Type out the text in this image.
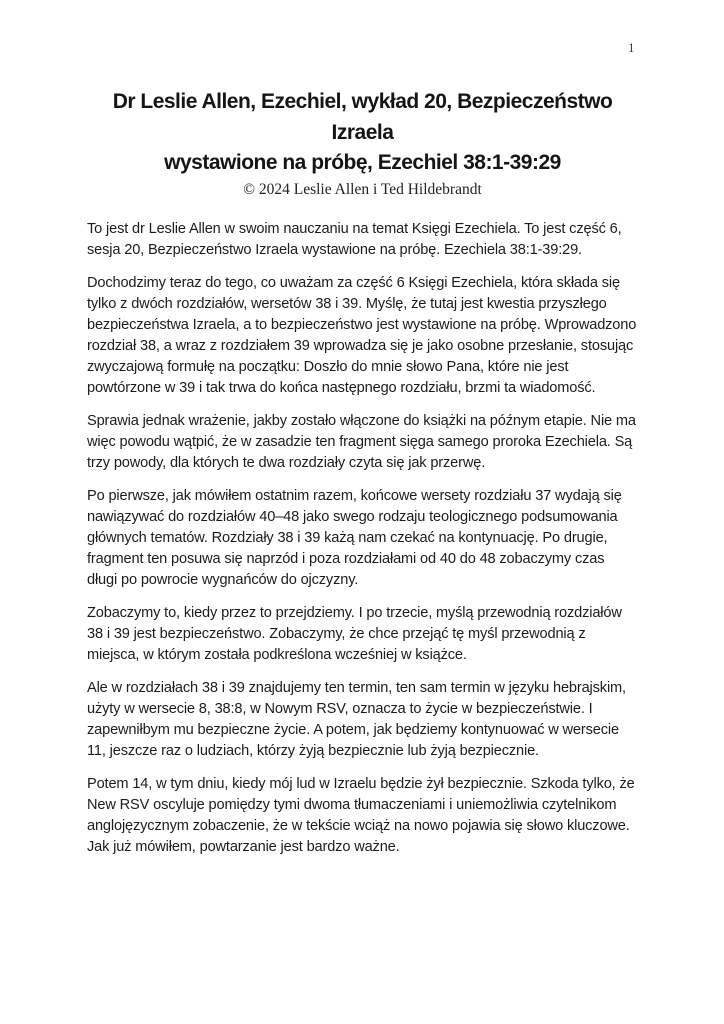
1
Dr Leslie Allen, Ezechiel, wykład 20, Bezpieczeństwo
Izraela
wystawione na próbę, Ezechiel 38:1-39:29
© 2024 Leslie Allen i Ted Hildebrandt

To jest dr Leslie Allen w swoim nauczaniu na temat Księgi Ezechiela. To jest część 6, sesja 20, Bezpieczeństwo Izraela wystawione na próbę. Ezechiela 38:1-39:29.

Dochodzimy teraz do tego, co uważam za część 6 Księgi Ezechiela, która składa się tylko z dwóch rozdziałów, wersetów 38 i 39. Myślę, że tutaj jest kwestia przyszłego bezpieczeństwa Izraela, a to bezpieczeństwo jest wystawione na próbę. Wprowadzono rozdział 38, a wraz z rozdziałem 39 wprowadza się je jako osobne przesłanie, stosując zwyczajową formułę na początku: Doszło do mnie słowo Pana, które nie jest powtórzone w 39 i tak trwa do końca następnego rozdziału, brzmi ta wiadomość.

Sprawia jednak wrażenie, jakby zostało włączone do książki na późnym etapie. Nie ma więc powodu wątpić, że w zasadzie ten fragment sięga samego proroka Ezechiela. Są trzy powody, dla których te dwa rozdziały czyta się jak przerwę.

Po pierwsze, jak mówiłem ostatnim razem, końcowe wersety rozdziału 37 wydają się nawiązywać do rozdziałów 40–48 jako swego rodzaju teologicznego podsumowania głównych tematów. Rozdziały 38 i 39 każą nam czekać na kontynuację. Po drugie, fragment ten posuwa się naprzód i poza rozdziałami od 40 do 48 zobaczymy czas długi po powrocie wygnańców do ojczyzny.

Zobaczymy to, kiedy przez to przejdziemy. I po trzecie, myślą przewodnią rozdziałów 38 i 39 jest bezpieczeństwo. Zobaczymy, że chce przejąć tę myśl przewodnią z miejsca, w którym została podkreślona wcześniej w książce.

Ale w rozdziałach 38 i 39 znajdujemy ten termin, ten sam termin w języku hebrajskim, użyty w wersecie 8, 38:8, w Nowym RSV, oznacza to życie w bezpieczeństwie. I zapewniłbym mu bezpieczne życie. A potem, jak będziemy kontynuować w wersecie 11, jeszcze raz o ludziach, którzy żyją bezpiecznie lub żyją bezpiecznie.

Potem 14, w tym dniu, kiedy mój lud w Izraelu będzie żył bezpiecznie. Szkoda tylko, że New RSV oscyluje pomiędzy tymi dwoma tłumaczeniami i uniemożliwia czytelnikom anglojęzycznym zobaczenie, że w tekście wciąż na nowo pojawia się słowo kluczowe. Jak już mówiłem, powtarzanie jest bardzo ważne.
